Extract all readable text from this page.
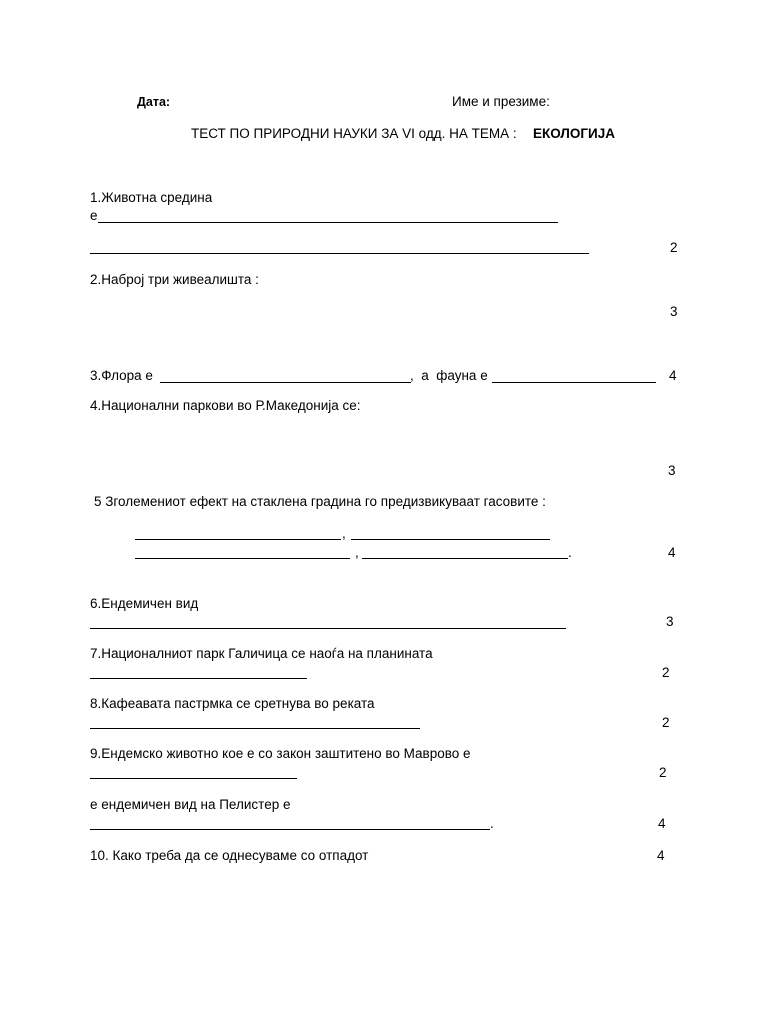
Дата:	Име и презиме:
ТЕСТ ПО ПРИРОДНИ НАУКИ ЗА VI одд. НА ТЕМА : ЕКОЛОГИЈА
1.Животна средина
е
2
2.Наброј три живеалишта :
3
3.Флора е	,  а  фауна е	4
4.Национални паркови во Р.Македонија се:
3
5 Зголемениот ефект на стаклена градина го предизвикуваат гасовите :
,
,	.	4
6.Ендемичен вид
3
7.Националниот парк Галичица се наоѓа на планината
2
8.Кафеавата пастрмка се сретнува во реката
2
9.Ендемско животно кое е со закон заштитено во Маврово е
2
е ендемичен вид на Пелистер е
.	4
10. Како треба да се однесуваме со отпадот	4
